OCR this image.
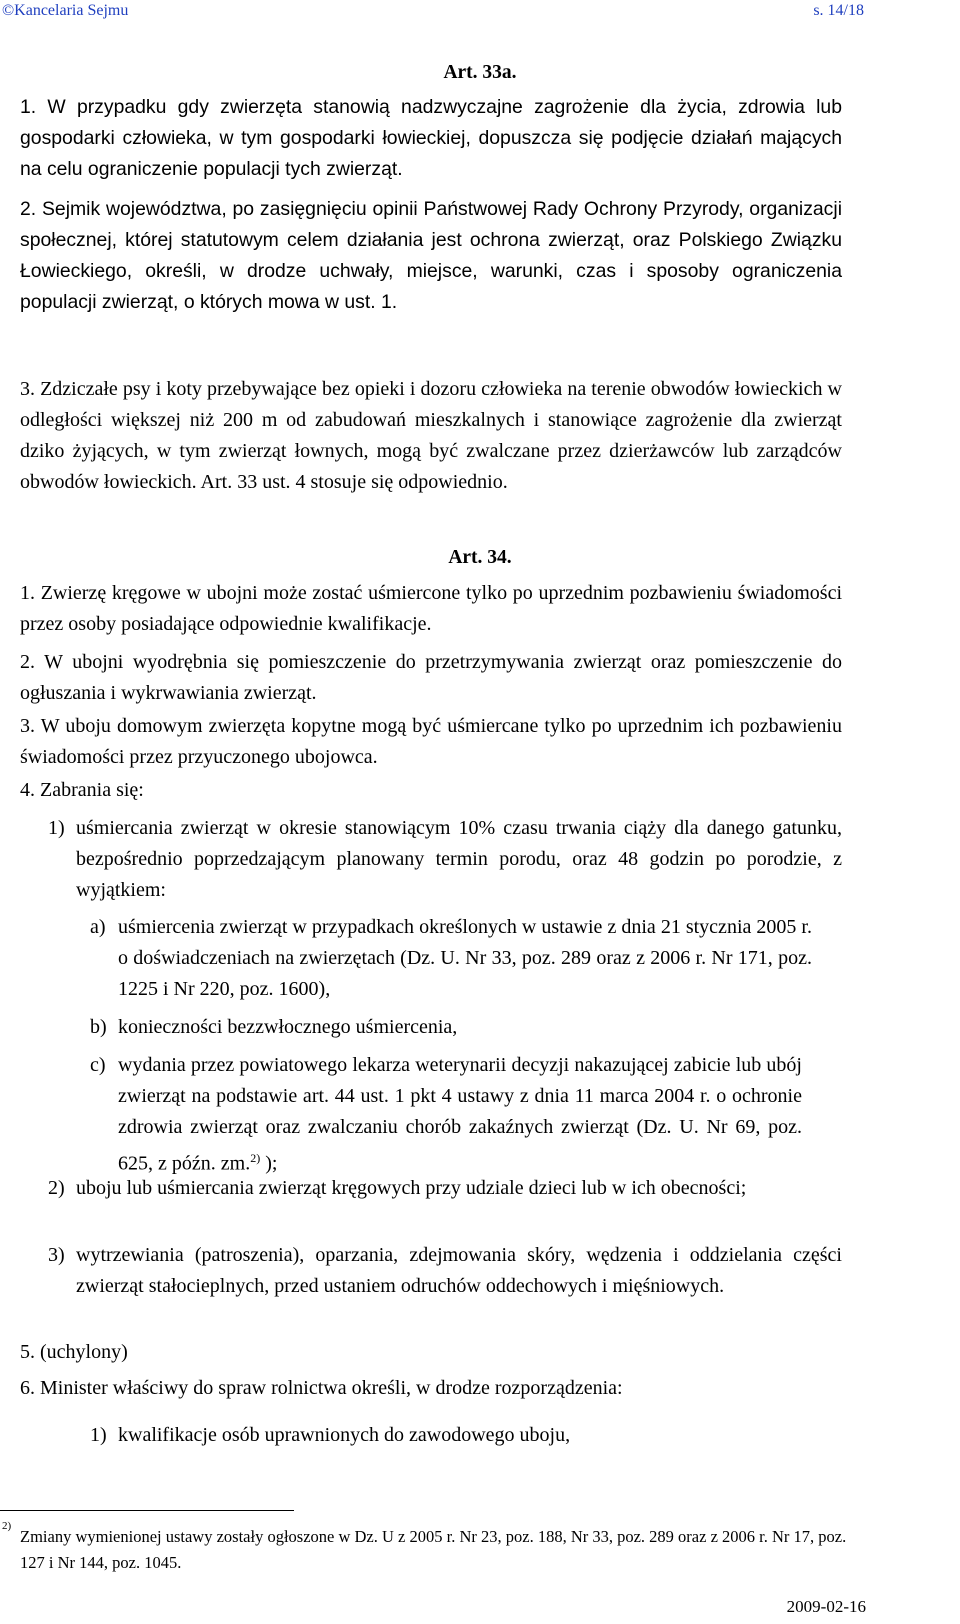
©Kancelaria Sejmu	s. 14/18
Art. 33a.
1. W przypadku gdy zwierzęta stanowią nadzwyczajne zagrożenie dla życia, zdrowia lub gospodarki człowieka, w tym gospodarki łowieckiej, dopuszcza się podjęcie działań mających na celu ograniczenie populacji tych zwierząt.
2. Sejmik województwa, po zasięgnięciu opinii Państwowej Rady Ochrony Przyrody, organizacji społecznej, której statutowym celem działania jest ochrona zwierząt, oraz Polskiego Związku Łowieckiego, określi, w drodze uchwały, miejsce, warunki, czas i sposoby ograniczenia populacji zwierząt, o których mowa w ust. 1.
3. Zdziczałe psy i koty przebywające bez opieki i dozoru człowieka na terenie obwodów łowieckich w odległości większej niż 200 m od zabudowań mieszkalnych i stanowiące zagrożenie dla zwierząt dziko żyjących, w tym zwierząt łownych, mogą być zwalczane przez dzierżawców lub zarządców obwodów łowieckich. Art. 33 ust. 4 stosuje się odpowiednio.
Art. 34.
1. Zwierzę kręgowe w ubojni może zostać uśmiercone tylko po uprzednim pozbawieniu świadomości przez osoby posiadające odpowiednie kwalifikacje.
2. W ubojni wyodrębnia się pomieszczenie do przetrzymywania zwierząt oraz pomieszczenie do ogłuszania i wykrwawiania zwierząt.
3. W uboju domowym zwierzęta kopytne mogą być uśmiercane tylko po uprzednim ich pozbawieniu świadomości przez przyuczonego ubojowca.
4. Zabrania się:
1) uśmiercania zwierząt w okresie stanowiącym 10% czasu trwania ciąży dla danego gatunku, bezpośrednio poprzedzającym planowany termin porodu, oraz 48 godzin po porodzie, z wyjątkiem:
a) uśmiercenia zwierząt w przypadkach określonych w ustawie z dnia 21 stycznia 2005 r. o doświadczeniach na zwierzętach (Dz. U. Nr 33, poz. 289 oraz z 2006 r. Nr 171, poz. 1225 i Nr 220, poz. 1600),
b) konieczności bezzwłocznego uśmiercenia,
c) wydania przez powiatowego lekarza weterynarii decyzji nakazującej zabicie lub ubój zwierząt na podstawie art. 44 ust. 1 pkt 4 ustawy z dnia 11 marca 2004 r. o ochronie zdrowia zwierząt oraz zwalczaniu chorób zakaźnych zwierząt (Dz. U. Nr 69, poz. 625, z późn. zm.$^{2)}$ );
2) uboju lub uśmiercania zwierząt kręgowych przy udziale dzieci lub w ich obecności;
3) wytrzewiania (patroszenia), oparzania, zdejmowania skóry, wędzenia i oddzielania części zwierząt stałocieplnych, przed ustaniem odruchów oddechowych i mięśniowych.
5. (uchylony)
6. Minister właściwy do spraw rolnictwa określi, w drodze rozporządzenia:
1) kwalifikacje osób uprawnionych do zawodowego uboju,
2)
Zmiany wymienionej ustawy zostały ogłoszone w Dz. U z 2005 r. Nr 23, poz. 188, Nr 33, poz. 289 oraz z 2006 r. Nr 17, poz. 127 i Nr 144, poz. 1045.
2009-02-16
